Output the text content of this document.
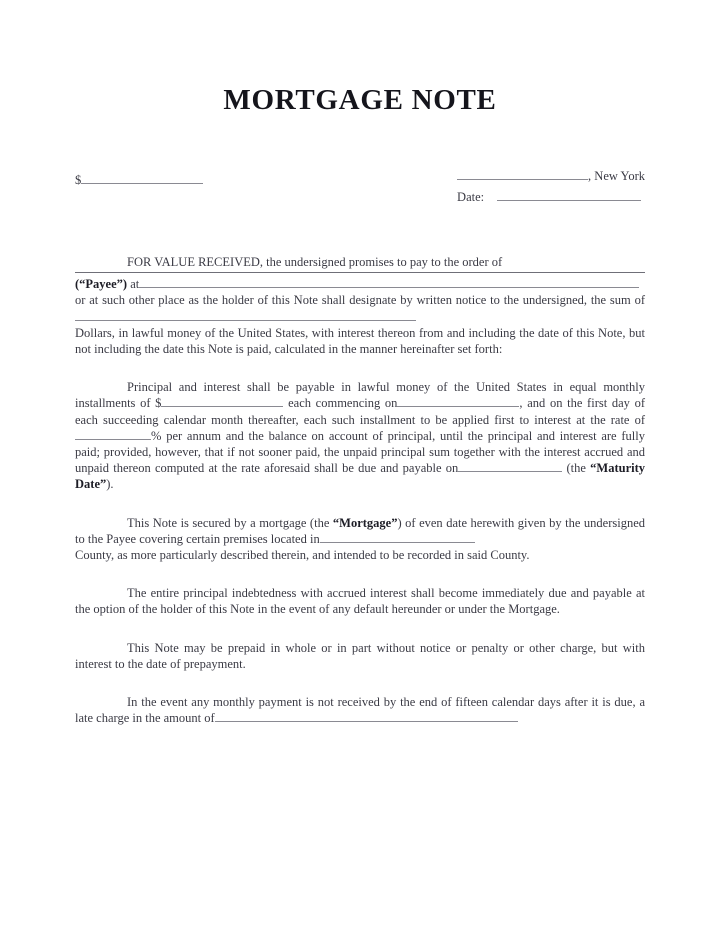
MORTGAGE NOTE
$	, New York
Date:

FOR VALUE RECEIVED, the undersigned promises to pay to the order of

(“Payee”) at

or at such other place as the holder of this Note shall designate by written notice to the undersigned, the sum of

Dollars, in lawful money of the United States, with interest thereon from and including the date of this Note, but not including the date this Note is paid, calculated in the manner hereinafter set forth:

Principal and interest shall be payable in lawful money of the United States in equal monthly installments of $	each commencing on	, and on the first day of each succeeding calendar month thereafter, each such installment to be applied first to interest at the rate of% per annum and the balance on account of principal, until the principal and interest are fully paid; provided, however, that if not sooner paid, the unpaid principal sum together with the interest accrued and unpaid thereon computed at the rate aforesaid shall be due and payable on	(the “Maturity Date”).

This Note is secured by a mortgage (the “Mortgage”) of even date herewith given by the undersigned to the Payee covering certain premises located in

County, as more particularly described therein, and intended to be recorded in said County.

The entire principal indebtedness with accrued interest shall become immediately due and payable at the option of the holder of this Note in the event of any default hereunder or under the Mortgage.

This Note may be prepaid in whole or in part without notice or penalty or other charge, but with interest to the date of prepayment.

In the event any monthly payment is not received by the end of fifteen calendar days after it is due, a late charge in the amount of
